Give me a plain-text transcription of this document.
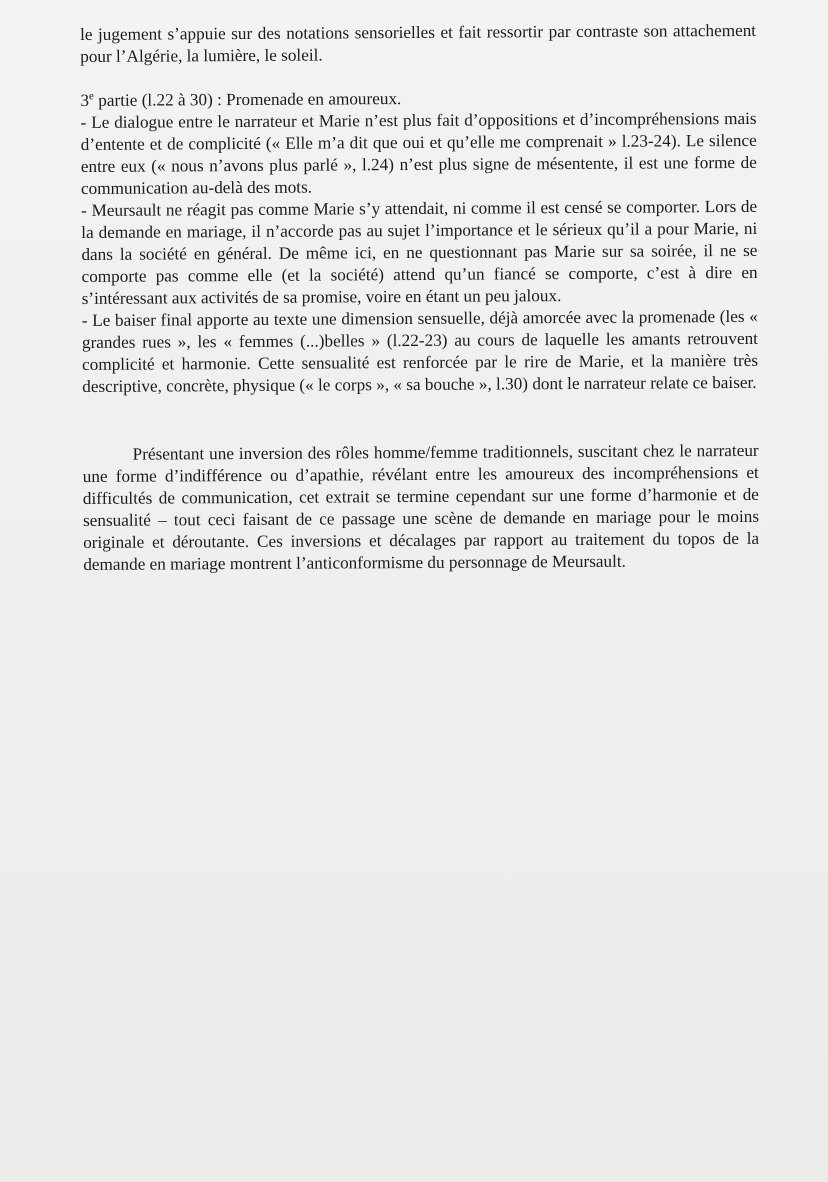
le jugement s’appuie sur des notations sensorielles et fait ressortir par contraste son attachement pour l’Algérie, la lumière, le soleil.

3e partie (l.22 à 30) : Promenade en amoureux.

- Le dialogue entre le narrateur et Marie n’est plus fait d’oppositions et d’incompréhensions mais d’entente et de complicité (« Elle m’a dit que oui et qu’elle me comprenait » l.23-24). Le silence entre eux (« nous n’avons plus parlé », l.24) n’est plus signe de mésentente, il est une forme de communication au-delà des mots.

- Meursault ne réagit pas comme Marie s’y attendait, ni comme il est censé se comporter. Lors de la demande en mariage, il n’accorde pas au sujet l’importance et le sérieux qu’il a pour Marie, ni dans la société en général. De même ici, en ne questionnant pas Marie sur sa soirée, il ne se comporte pas comme elle (et la société) attend qu’un fiancé se comporte, c’est à dire en s’intéressant aux activités de sa promise, voire en étant un peu jaloux.

- Le baiser final apporte au texte une dimension sensuelle, déjà amorcée avec la promenade (les « grandes rues », les « femmes (...)belles » (l.22-23) au cours de laquelle les amants retrouvent complicité et harmonie. Cette sensualité est renforcée par le rire de Marie, et la manière très descriptive, concrète, physique (« le corps », « sa bouche », l.30) dont le narrateur relate ce baiser.

Présentant une inversion des rôles homme/femme traditionnels, suscitant chez le narrateur une forme d’indifférence ou d’apathie, révélant entre les amoureux des incompréhensions et difficultés de communication, cet extrait se termine cependant sur une forme d’harmonie et de sensualité – tout ceci faisant de ce passage une scène de demande en mariage pour le moins originale et déroutante. Ces inversions et décalages par rapport au traitement du topos de la demande en mariage montrent l’anticonformisme du personnage de Meursault.
